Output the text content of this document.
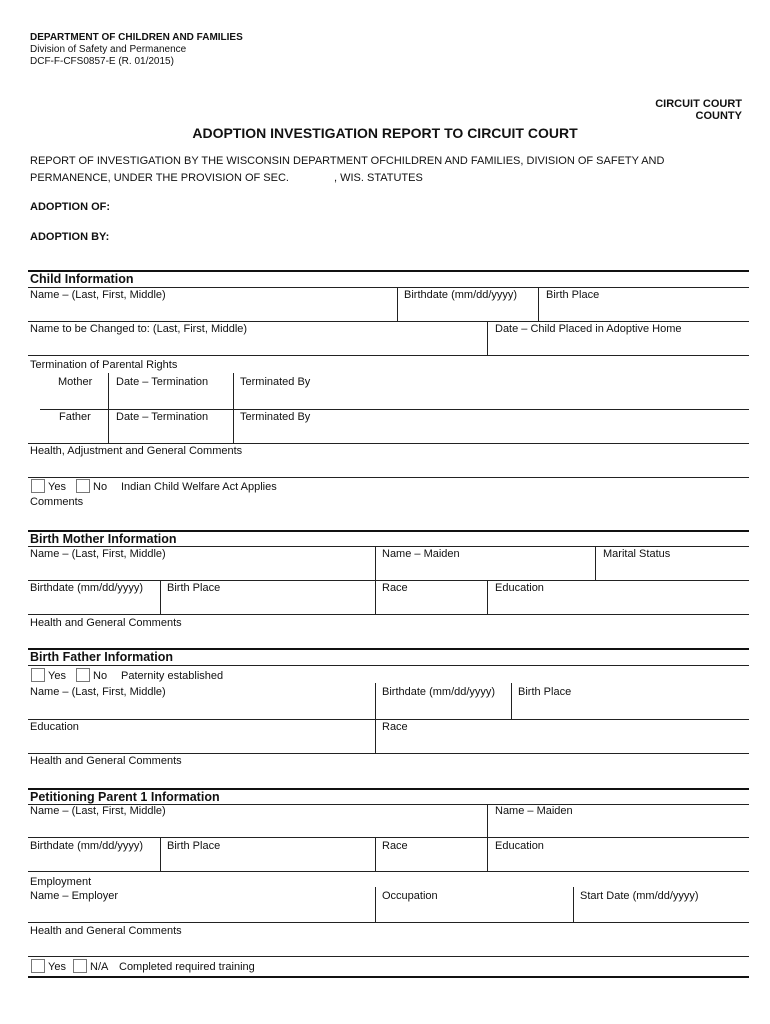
DEPARTMENT OF CHILDREN AND FAMILIES
Division of Safety and Permanence
DCF-F-CFS0857-E (R. 01/2015)
CIRCUIT COURT
COUNTY
ADOPTION INVESTIGATION REPORT TO CIRCUIT COURT
REPORT OF INVESTIGATION BY THE WISCONSIN DEPARTMENT OFCHILDREN AND FAMILIES, DIVISION OF SAFETY AND
PERMANENCE, UNDER THE PROVISION OF SEC.	, WIS. STATUTES
ADOPTION OF:
ADOPTION BY:
Child Information
Name – (Last, First, Middle)	Birthdate (mm/dd/yyyy)	Birth Place
Name to be Changed to: (Last, First, Middle)	Date – Child Placed in Adoptive Home
Termination of Parental Rights
Mother Date – Termination	Terminated By
Father Date – Termination	Terminated By
Health, Adjustment and General Comments
Yes No Indian Child Welfare Act Applies
Comments
Birth Mother Information
Name – (Last, First, Middle)	Name – Maiden	Marital Status
Birthdate (mm/dd/yyyy) Birth Place	Race	Education
Health and General Comments
Birth Father Information
Yes No Paternity established
Name – (Last, First, Middle)	Birthdate (mm/dd/yyyy) Birth Place
Education	Race
Health and General Comments
Petitioning Parent 1 Information
Name – (Last, First, Middle)	Name – Maiden
Birthdate (mm/dd/yyyy) Birth Place	Race	Education
Employment
Name – Employer	Occupation	Start Date (mm/dd/yyyy)
Health and General Comments
Yes N/A Completed required training
